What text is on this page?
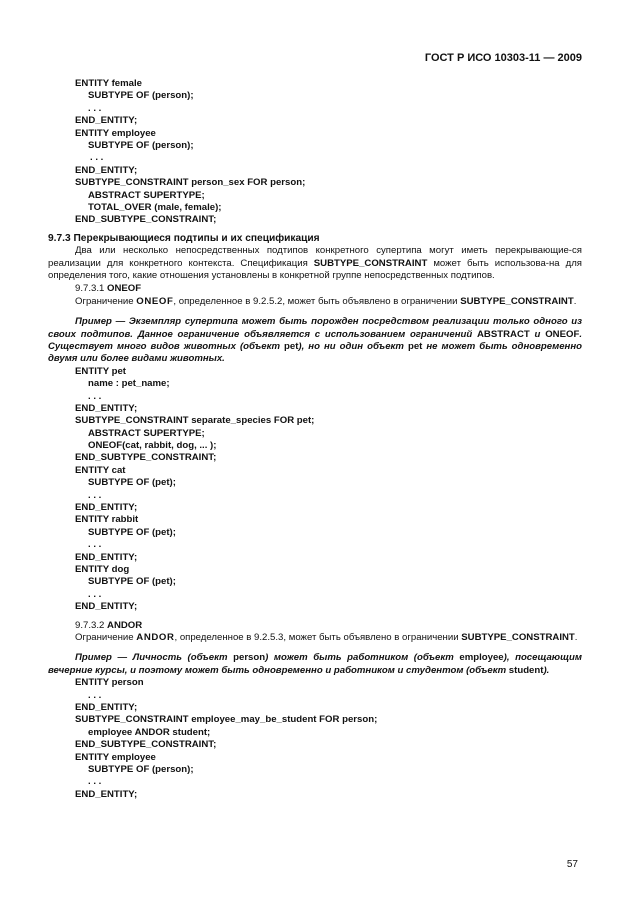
ГОСТ Р ИСО 10303-11 — 2009
ENTITY female
SUBTYPE OF (person);
. . .
END_ENTITY;
ENTITY employee
SUBTYPE OF (person);
. . .
END_ENTITY;
SUBTYPE_CONSTRAINT person_sex FOR person;
ABSTRACT SUPERTYPE;
TOTAL_OVER (male, female);
END_SUBTYPE_CONSTRAINT;
9.7.3 Перекрывающиеся подтипы и их спецификация
Два или несколько непосредственных подтипов конкретного супертипа могут иметь перекрывающие-ся реализации для конкретного контекста. Спецификация SUBTYPE_CONSTRAINT может быть использова-на для определения того, какие отношения установлены в конкретной группе непосредственных подтипов.
9.7.3.1 ONEOF
Ограничение ONEOF, определенное в 9.2.5.2, может быть объявлено в ограничении SUBTYPE_CONSTRAINT.
Пример — Экземпляр супертипа может быть порожден посредством реализации только одного из своих подтипов. Данное ограничение объявляется с использованием ограничений ABSTRACT и ONEOF. Существует много видов животных (объект pet), но ни один объект pet не может быть одновременно двумя или более видами животных.
ENTITY pet
name : pet_name;
. . .
END_ENTITY;
SUBTYPE_CONSTRAINT separate_species FOR pet;
ABSTRACT SUPERTYPE;
ONEOF(cat, rabbit, dog, ... );
END_SUBTYPE_CONSTRAINT;
ENTITY cat
SUBTYPE OF (pet);
. . .
END_ENTITY;
ENTITY rabbit
SUBTYPE OF (pet);
. . .
END_ENTITY;
ENTITY dog
SUBTYPE OF (pet);
. . .
END_ENTITY;
9.7.3.2 ANDOR
Ограничение ANDOR, определенное в 9.2.5.3, может быть объявлено в ограничении SUBTYPE_CONSTRAINT.
Пример — Личность (объект person) может быть работником (объект employee), посещающим вечерние курсы, и поэтому может быть одновременно и работником и студентом (объект student).
ENTITY person
. . .
END_ENTITY;
SUBTYPE_CONSTRAINT employee_may_be_student FOR person;
employee ANDOR student;
END_SUBTYPE_CONSTRAINT;
ENTITY employee
SUBTYPE OF (person);
. . .
END_ENTITY;
57
